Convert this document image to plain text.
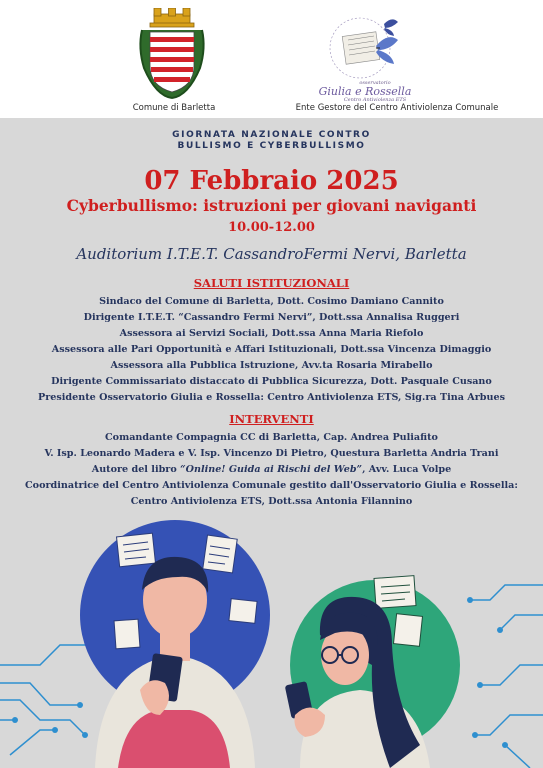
Comune di Barletta
osservatorio
Giulia e Rossella
Centro Antiviolenza ETS
Ente Gestore del Centro Antiviolenza Comunale
GIORNATA NAZIONALE CONTRO
BULLISMO E CYBERBULLISMO
07 Febbraio 2025
Cyberbullismo: istruzioni per giovani naviganti
10.00-12.00
Auditorium I.T.E.T. CassandroFermi Nervi, Barletta
SALUTI ISTITUZIONALI
Sindaco del Comune di Barletta, Dott. Cosimo Damiano Cannito
Dirigente I.T.E.T. “Cassandro Fermi Nervi”, Dott.ssa Annalisa Ruggeri
Assessora ai Servizi Sociali, Dott.ssa Anna Maria Riefolo
Assessora alle Pari Opportunità e Affari Istituzionali, Dott.ssa Vincenza Dimaggio
Assessora alla Pubblica Istruzione, Avv.ta Rosaria Mirabello
Dirigente Commissariato distaccato di Pubblica Sicurezza, Dott. Pasquale Cusano
Presidente Osservatorio Giulia e Rossella: Centro Antiviolenza ETS, Sig.ra Tina Arbues
INTERVENTI
Comandante Compagnia CC di Barletta, Cap. Andrea Puliafito
V. Isp. Leonardo Madera e V. Isp. Vincenzo Di Pietro, Questura Barletta Andria Trani
Autore del libro “Online! Guida ai Rischi del Web”, Avv. Luca Volpe
Coordinatrice del Centro Antiviolenza Comunale gestito dall'Osservatorio Giulia e Rossella:
Centro Antiviolenza ETS, Dott.ssa Antonia Filannino
